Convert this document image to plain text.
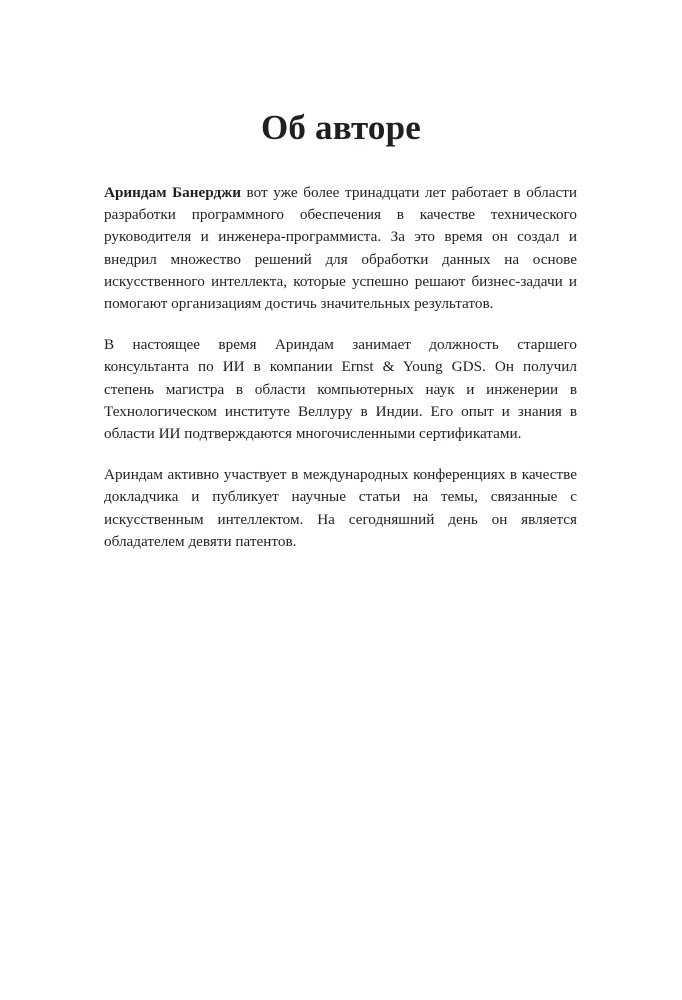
Об авторе

Ариндам Банерджи вот уже более тринадцати лет работает в области разработки программного обеспечения в качестве технического руководителя и инженера-программиста. За это время он создал и внедрил множество решений для обработки данных на основе искусственного интеллекта, которые успешно решают бизнес-задачи и помогают организациям достичь значительных результатов.

В настоящее время Ариндам занимает должность старшего консультанта по ИИ в компании Ernst & Young GDS. Он получил степень магистра в области компьютерных наук и инженерии в Технологическом институте Веллуру в Индии. Его опыт и знания в области ИИ подтверждаются многочисленными сертификатами.

Ариндам активно участвует в международных конференциях в качестве докладчика и публикует научные статьи на темы, связанные с искусственным интеллектом. На сегодняшний день он является обладателем девяти патентов.
